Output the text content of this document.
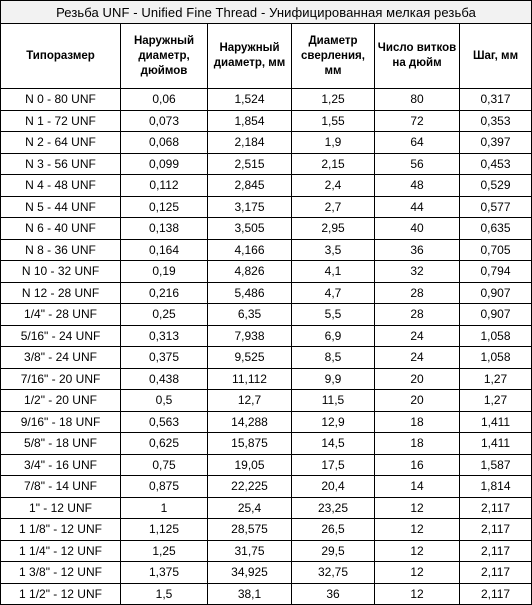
Резьба UNF - Unified Fine Thread - Унифицированная мелкая резьба					
Типоразмер	Наружный диаметр, дюймов	Наружный диаметр, мм	Диаметр сверления, мм	Число витков на дюйм	Шаг, мм
N 0 - 80 UNF	0,06	1,524	1,25	80	0,317
N 1 - 72 UNF	0,073	1,854	1,55	72	0,353
N 2 - 64 UNF	0,068	2,184	1,9	64	0,397
N 3 - 56 UNF	0,099	2,515	2,15	56	0,453
N 4 - 48 UNF	0,112	2,845	2,4	48	0,529
N 5 - 44 UNF	0,125	3,175	2,7	44	0,577
N 6 - 40 UNF	0,138	3,505	2,95	40	0,635
N 8 - 36 UNF	0,164	4,166	3,5	36	0,705
N 10 - 32 UNF	0,19	4,826	4,1	32	0,794
N 12 - 28 UNF	0,216	5,486	4,7	28	0,907
1/4" - 28 UNF	0,25	6,35	5,5	28	0,907
5/16" - 24 UNF	0,313	7,938	6,9	24	1,058
3/8" - 24 UNF	0,375	9,525	8,5	24	1,058
7/16" - 20 UNF	0,438	11,112	9,9	20	1,27
1/2" - 20 UNF	0,5	12,7	11,5	20	1,27
9/16" - 18 UNF	0,563	14,288	12,9	18	1,411
5/8" - 18 UNF	0,625	15,875	14,5	18	1,411
3/4" - 16 UNF	0,75	19,05	17,5	16	1,587
7/8" - 14 UNF	0,875	22,225	20,4	14	1,814
1" - 12 UNF	1	25,4	23,25	12	2,117
1 1/8" - 12 UNF	1,125	28,575	26,5	12	2,117
1 1/4" - 12 UNF	1,25	31,75	29,5	12	2,117
1 3/8" - 12 UNF	1,375	34,925	32,75	12	2,117
1 1/2" - 12 UNF	1,5	38,1	36	12	2,117
